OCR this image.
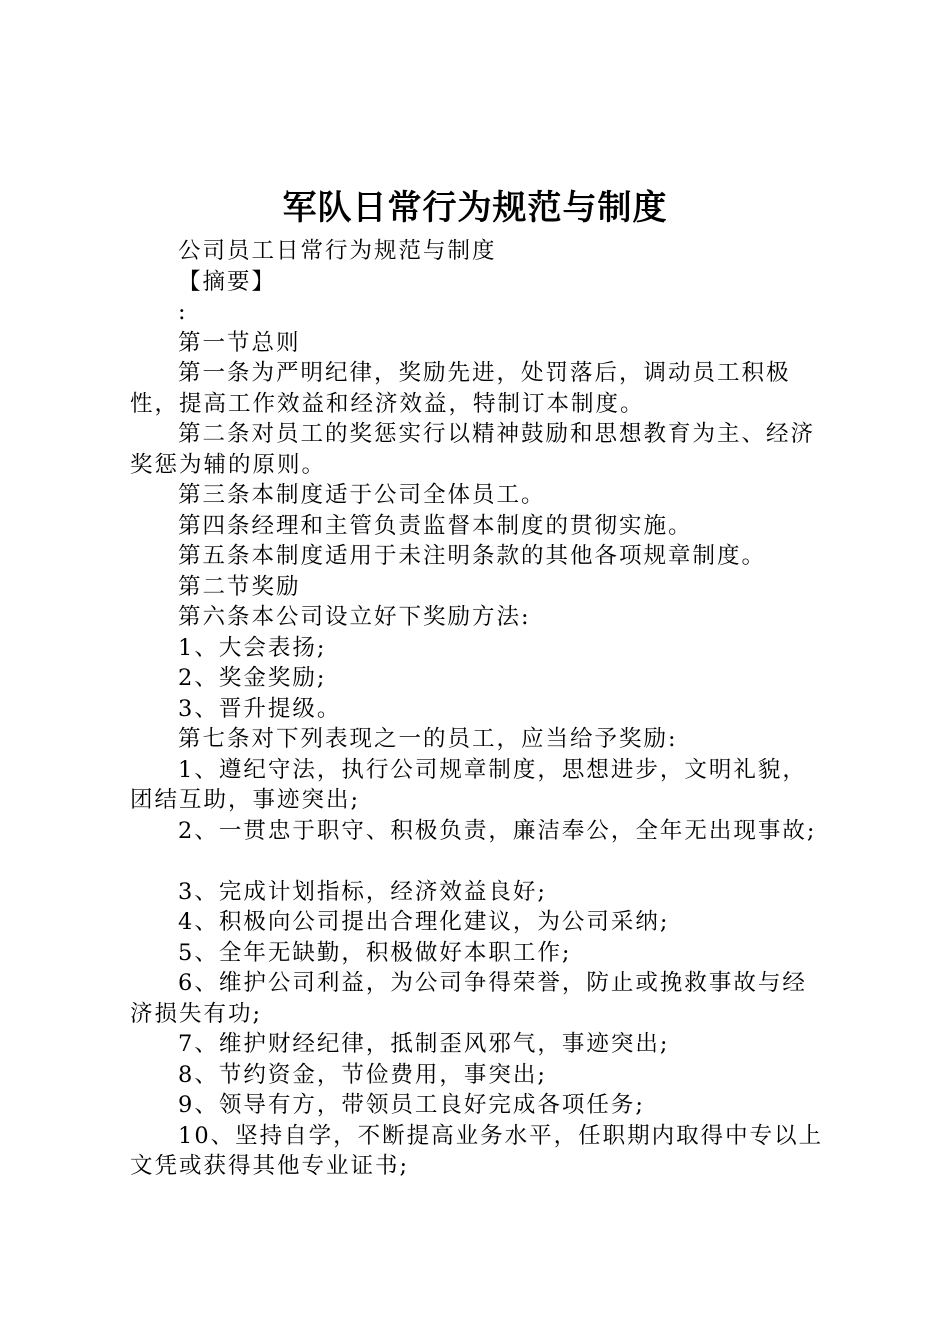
军队日常行为规范与制度

公司员工日常行为规范与制度

【摘要】

:

第一节总则

第一条为严明纪律，奖励先进，处罚落后，调动员工积极性，提高工作效益和经济效益，特制订本制度。

第二条对员工的奖惩实行以精神鼓励和思想教育为主、经济奖惩为辅的原则。

第三条本制度适于公司全体员工。

第四条经理和主管负责监督本制度的贯彻实施。

第五条本制度适用于未注明条款的其他各项规章制度。

第二节奖励

第六条本公司设立好下奖励方法:

1、大会表扬;

2、奖金奖励;

3、晋升提级。

第七条对下列表现之一的员工，应当给予奖励:

1、遵纪守法，执行公司规章制度，思想进步，文明礼貌，团结互助，事迹突出;

2、一贯忠于职守、积极负责，廉洁奉公，全年无出现事故;

3、完成计划指标，经济效益良好;

4、积极向公司提出合理化建议，为公司采纳;

5、全年无缺勤，积极做好本职工作;

6、维护公司利益，为公司争得荣誉，防止或挽救事故与经济损失有功;

7、维护财经纪律，抵制歪风邪气，事迹突出;

8、节约资金，节俭费用，事突出;

9、领导有方，带领员工良好完成各项任务;

10、坚持自学，不断提高业务水平，任职期内取得中专以上文凭或获得其他专业证书;
